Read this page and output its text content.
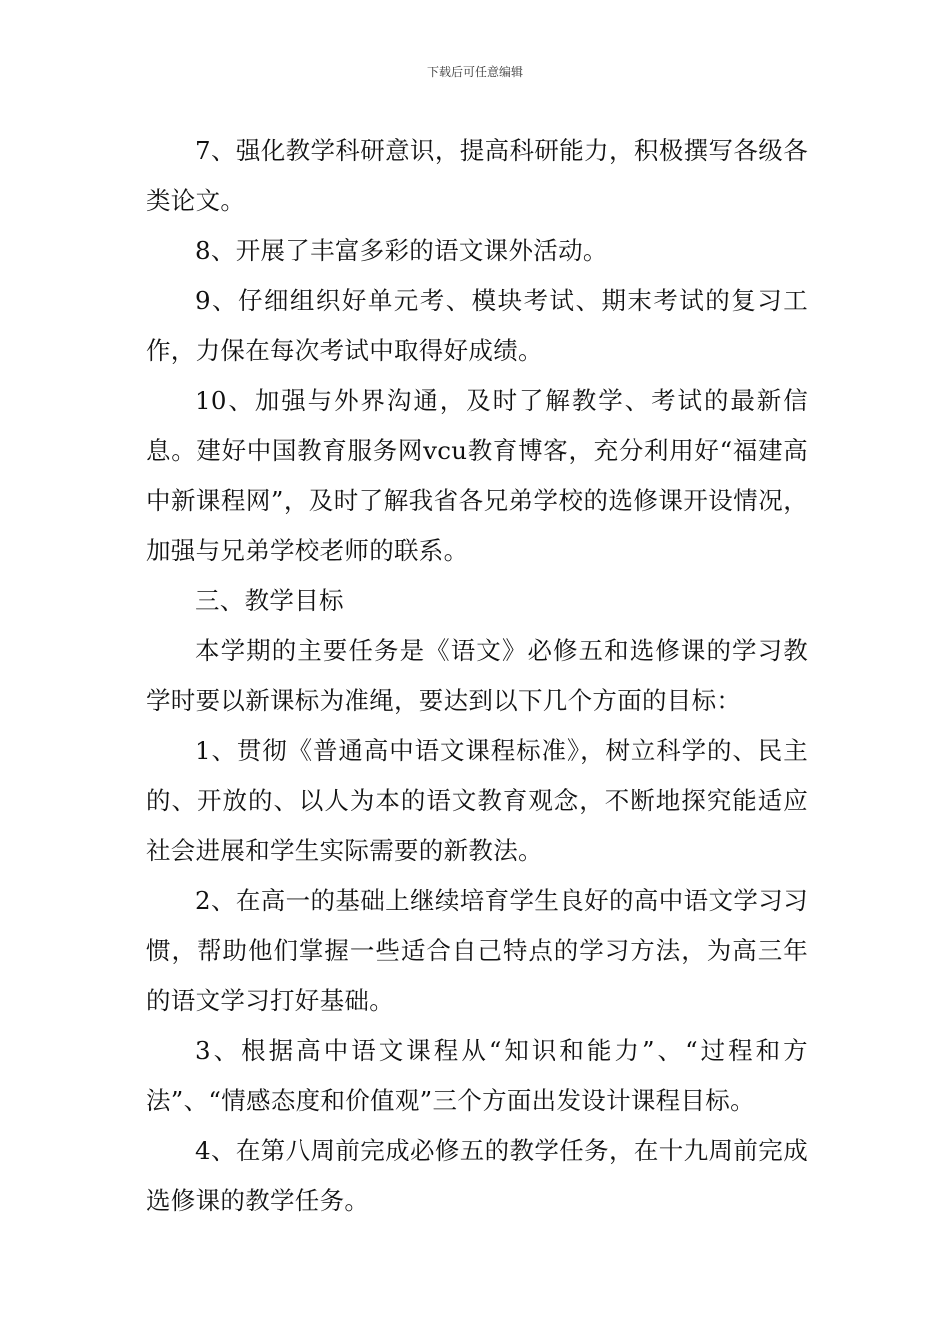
下载后可任意编辑

7、强化教学科研意识，提高科研能力，积极撰写各级各类论文。

8、开展了丰富多彩的语文课外活动。

9、仔细组织好单元考、模块考试、期末考试的复习工作，力保在每次考试中取得好成绩。

10、加强与外界沟通，及时了解教学、考试的最新信息。建好中国教育服务网vcu教育博客，充分利用好“福建高中新课程网”，及时了解我省各兄弟学校的选修课开设情况，加强与兄弟学校老师的联系。

三、教学目标

本学期的主要任务是《语文》必修五和选修课的学习教学时要以新课标为准绳，要达到以下几个方面的目标：

1、贯彻《普通高中语文课程标准》，树立科学的、民主的、开放的、以人为本的语文教育观念，不断地探究能适应社会进展和学生实际需要的新教法。

2、在高一的基础上继续培育学生良好的高中语文学习习惯，帮助他们掌握一些适合自己特点的学习方法，为高三年的语文学习打好基础。

3、根据高中语文课程从“知识和能力”、“过程和方法”、“情感态度和价值观”三个方面出发设计课程目标。

4、在第八周前完成必修五的教学任务，在十九周前完成选修课的教学任务。
